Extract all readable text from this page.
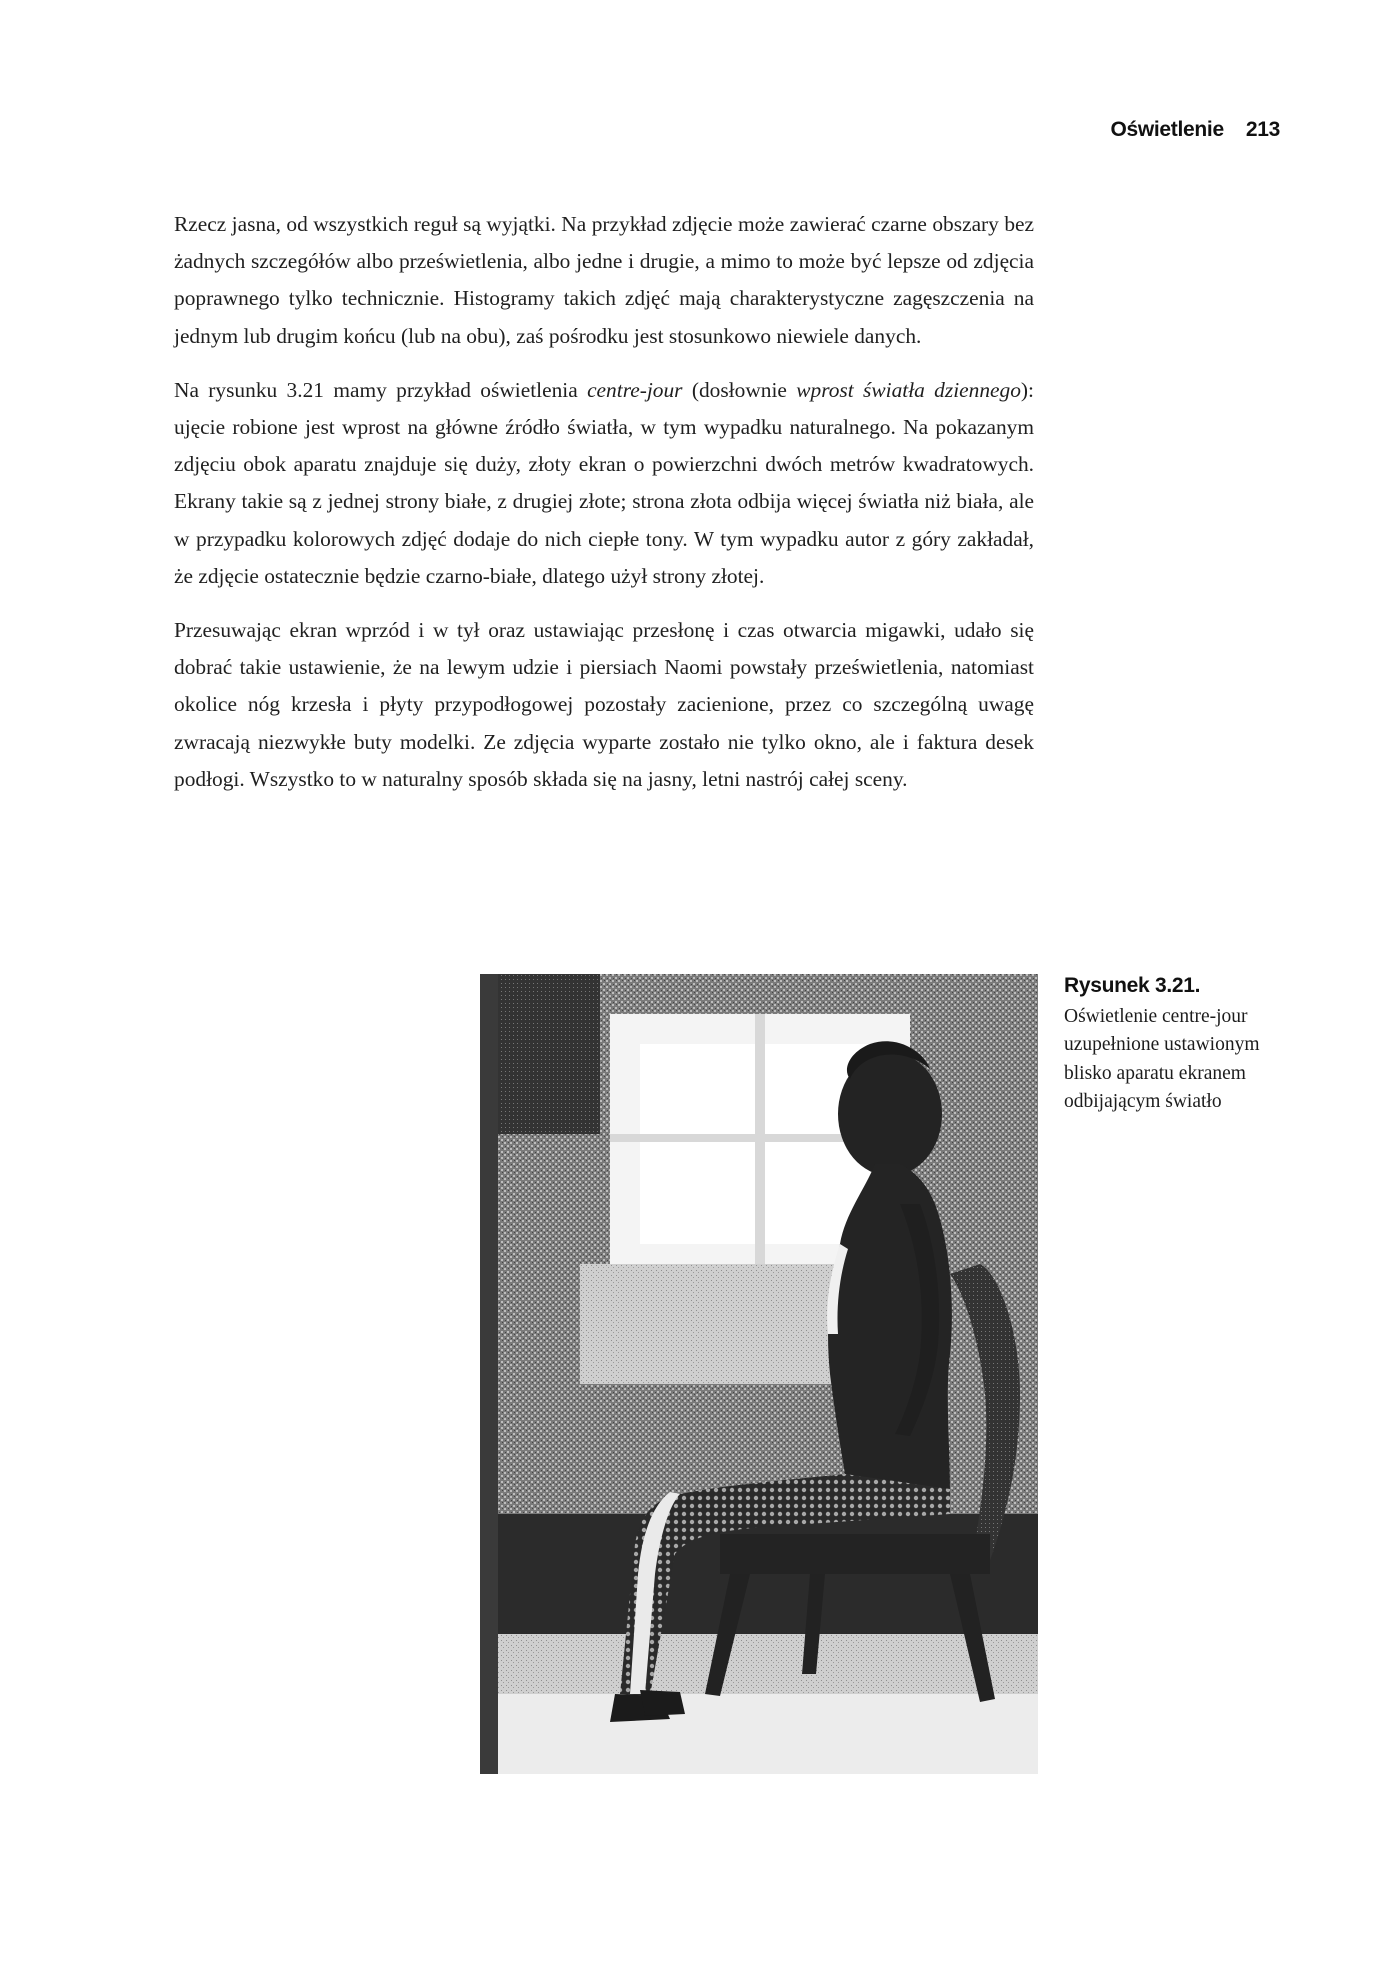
Oświetlenie 213

Rzecz jasna, od wszystkich reguł są wyjątki. Na przykład zdjęcie może zawierać czarne obszary bez żadnych szczegółów albo prześwietlenia, albo jedne i drugie, a mimo to może być lepsze od zdjęcia poprawnego tylko technicznie. Histogramy takich zdjęć mają charakterystyczne zagęszczenia na jednym lub drugim końcu (lub na obu), zaś pośrodku jest stosunkowo niewiele danych.

Na rysunku 3.21 mamy przykład oświetlenia centre-jour (dosłownie wprost światła dziennego): ujęcie robione jest wprost na główne źródło światła, w tym wypadku naturalnego. Na pokazanym zdjęciu obok aparatu znajduje się duży, złoty ekran o powierzchni dwóch metrów kwadratowych. Ekrany takie są z jednej strony białe, z drugiej złote; strona złota odbija więcej światła niż biała, ale w przypadku kolorowych zdjęć dodaje do nich ciepłe tony. W tym wypadku autor z góry zakładał, że zdjęcie ostatecznie będzie czarno-białe, dlatego użył strony złotej.

Przesuwając ekran wprzód i w tył oraz ustawiając przesłonę i czas otwarcia migawki, udało się dobrać takie ustawienie, że na lewym udzie i piersiach Naomi powstały prześwietlenia, natomiast okolice nóg krzesła i płyty przypodłogowej pozostały zacienione, przez co szczególną uwagę zwracają niezwykłe buty modelki. Ze zdjęcia wyparte zostało nie tylko okno, ale i faktura desek podłogi. Wszystko to w naturalny sposób składa się na jasny, letni nastrój całej sceny.

Rysunek 3.21.
Oświetlenie centre-jour uzupełnione ustawionym blisko aparatu ekranem odbijającym światło
